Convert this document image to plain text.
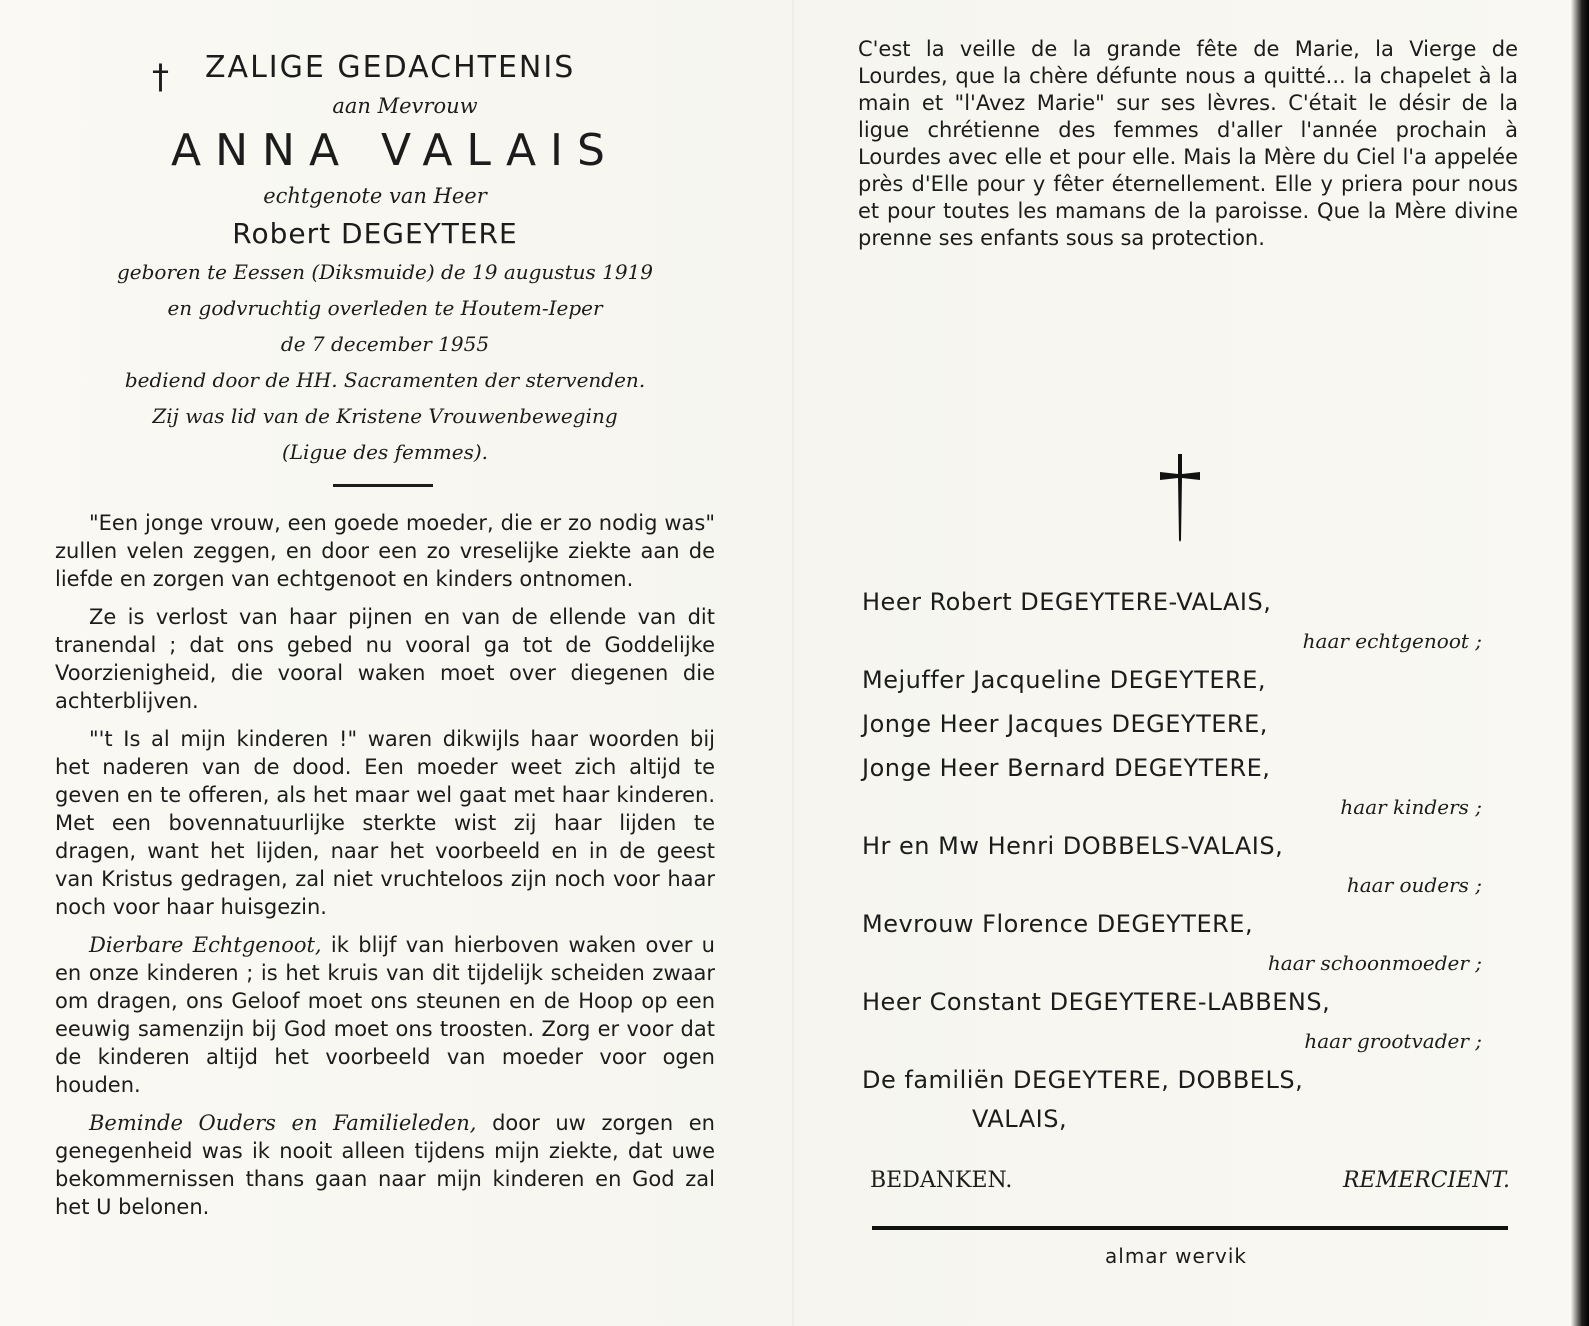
† ZALIGE GEDACHTENIS
aan Mevrouw
ANNA VALAIS
echtgenote van Heer
Robert DEGEYTERE
geboren te Eessen (Diksmuide) de 19 augustus 1919
en godvruchtig overleden te Houtem-Ieper
de 7 december 1955
bediend door de HH. Sacramenten der stervenden.
Zij was lid van de Kristene Vrouwenbeweging
(Ligue des femmes).

"Een jonge vrouw, een goede moeder, die er zo nodig was" zullen velen zeggen, en door een zo vreselijke ziekte aan de liefde en zorgen van echtgenoot en kinders ontnomen.

Ze is verlost van haar pijnen en van de ellende van dit tranendal ; dat ons gebed nu vooral ga tot de Goddelijke Voorzienigheid, die vooral waken moet over diegenen die achterblijven.

"'t Is al mijn kinderen !" waren dikwijls haar woorden bij het naderen van de dood. Een moeder weet zich altijd te geven en te offeren, als het maar wel gaat met haar kinderen. Met een bovennatuurlijke sterkte wist zij haar lijden te dragen, want het lijden, naar het voorbeeld en in de geest van Kristus gedragen, zal niet vruchteloos zijn noch voor haar noch voor haar huisgezin.

Dierbare Echtgenoot, ik blijf van hierboven waken over u en onze kinderen ; is het kruis van dit tijdelijk scheiden zwaar om dragen, ons Geloof moet ons steunen en de Hoop op een eeuwig samenzijn bij God moet ons troosten. Zorg er voor dat de kinderen altijd het voorbeeld van moeder voor ogen houden.

Beminde Ouders en Familieleden, door uw zorgen en genegenheid was ik nooit alleen tijdens mijn ziekte, dat uwe bekommernissen thans gaan naar mijn kinderen en God zal het U belonen.

C'est la veille de la grande fête de Marie, la Vierge de Lourdes, que la chère défunte nous a quitté... la chapelet à la main et "l'Avez Marie" sur ses lèvres. C'était le désir de la ligue chrétienne des femmes d'aller l'année prochain à Lourdes avec elle et pour elle. Mais la Mère du Ciel l'a appelée près d'Elle pour y fêter éternellement. Elle y priera pour nous et pour toutes les mamans de la paroisse. Que la Mère divine prenne ses enfants sous sa protection.
Heer Robert DEGEYTERE-VALAIS,
haar echtgenoot ;
Mejuffer Jacqueline DEGEYTERE,
Jonge Heer Jacques DEGEYTERE,
Jonge Heer Bernard DEGEYTERE,
haar kinders ;
Hr en Mw Henri DOBBELS-VALAIS,
haar ouders ;
Mevrouw Florence DEGEYTERE,
haar schoonmoeder ;
Heer Constant DEGEYTERE-LABBENS,
haar grootvader ;
De familiën DEGEYTERE, DOBBELS,
VALAIS,
BEDANKEN.	REMERCIENT.
almar wervik
